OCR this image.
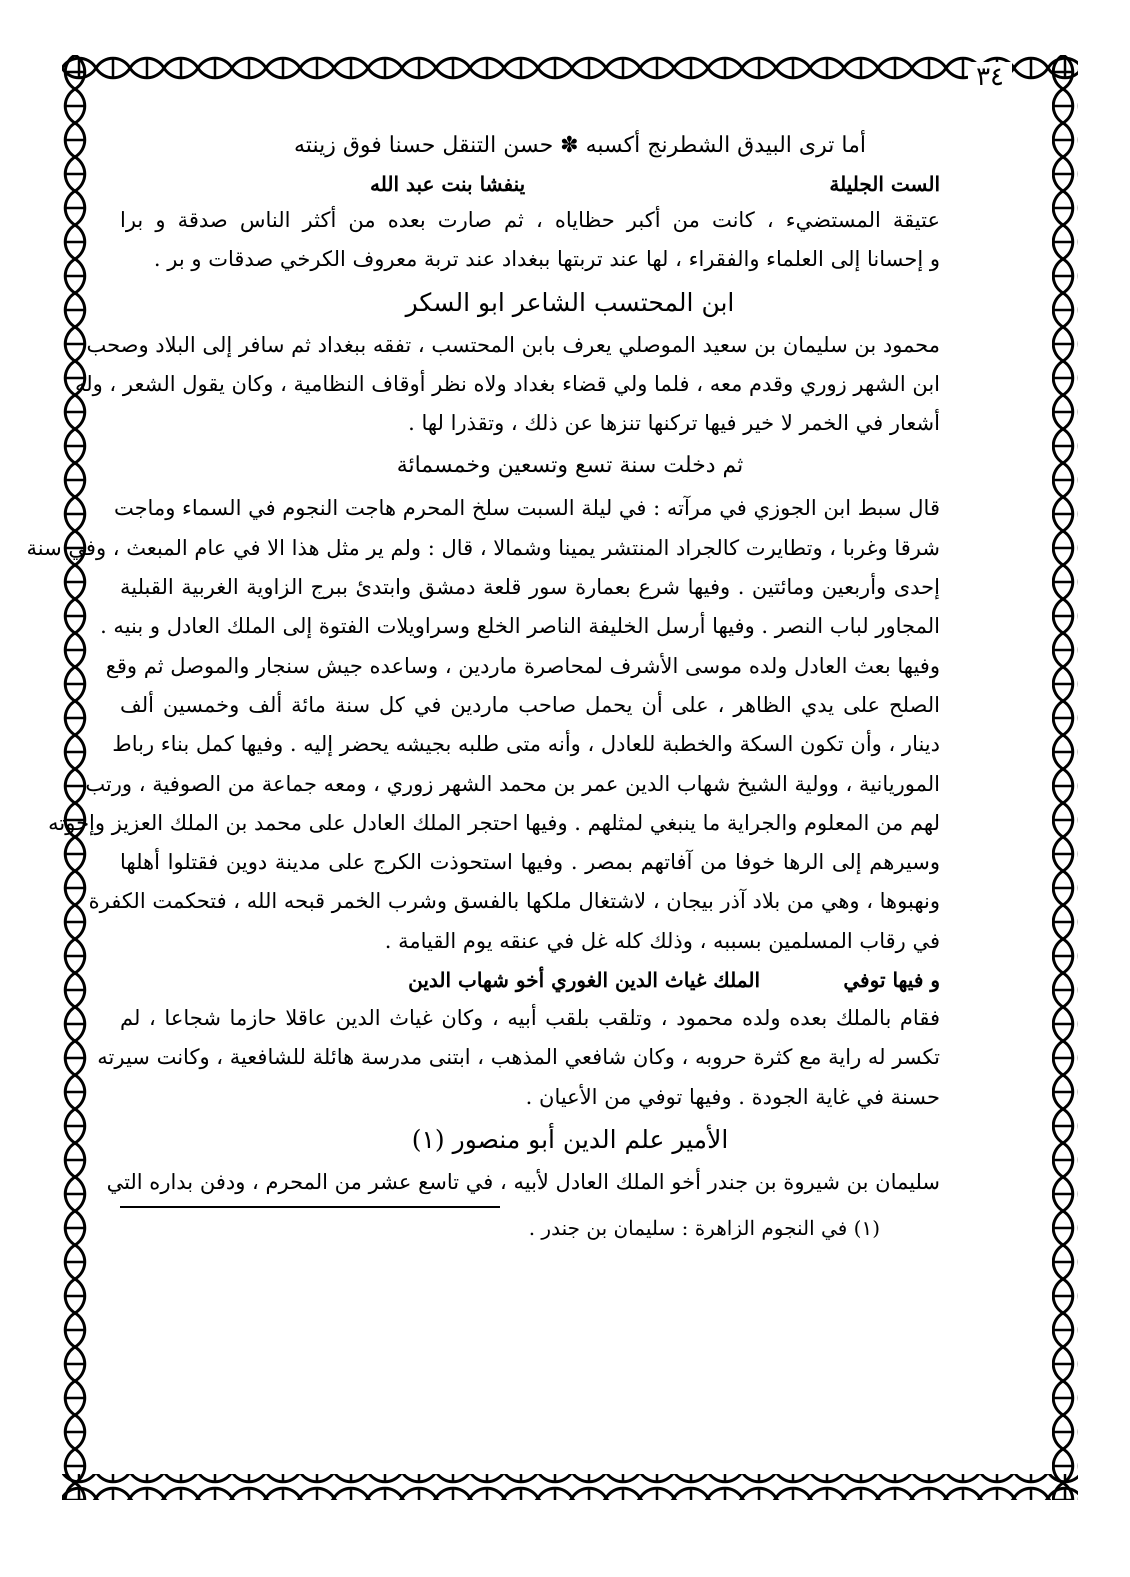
٣٤
أما ترى البيدق الشطرنج أكسبه ✽ حسن التنقل حسنا فوق زينته
الست الجليلة
ينفشا بنت عبد الله
عتيقة المستضيء ، كانت من أكبر حظاياه ، ثم صارت بعده من أكثر الناس صدقة و برا
و إحسانا إلى العلماء والفقراء ، لها عند تربتها ببغداد عند تربة معروف الكرخي صدقات و بر .
ابن المحتسب الشاعر ابو السكر
محمود بن سليمان بن سعيد الموصلي يعرف بابن المحتسب ، تفقه ببغداد ثم سافر إلى البلاد وصحب
ابن الشهر زوري وقدم معه ، فلما ولي قضاء بغداد ولاه نظر أوقاف النظامية ، وكان يقول الشعر ، وله
أشعار في الخمر لا خير فيها تركنها تنزها عن ذلك ، وتقذرا لها .
ثم دخلت سنة تسع وتسعين وخمسمائة
قال سبط ابن الجوزي في مرآته : في ليلة السبت سلخ المحرم هاجت النجوم في السماء وماجت
شرقا وغربا ، وتطايرت كالجراد المنتشر يمينا وشمالا ، قال : ولم ير مثل هذا الا في عام المبعث ، وفي سنة
إحدى وأربعين ومائتين . وفيها شرع بعمارة سور قلعة دمشق وابتدئ ببرج الزاوية الغربية القبلية
المجاور لباب النصر . وفيها أرسل الخليفة الناصر الخلع وسراويلات الفتوة إلى الملك العادل و بنيه .
وفيها بعث العادل ولده موسى الأشرف لمحاصرة ماردين ، وساعده جيش سنجار والموصل ثم وقع
الصلح على يدي الظاهر ، على أن يحمل صاحب ماردين في كل سنة مائة ألف وخمسين ألف
دينار ، وأن تكون السكة والخطبة للعادل ، وأنه متى طلبه بجيشه يحضر إليه . وفيها كمل بناء رباط
الموريانية ، وولية الشيخ شهاب الدين عمر بن محمد الشهر زوري ، ومعه جماعة من الصوفية ، ورتب
لهم من المعلوم والجراية ما ينبغي لمثلهم . وفيها احتجر الملك العادل على محمد بن الملك العزيز وإخوته
وسيرهم إلى الرها خوفا من آفاتهم بمصر . وفيها استحوذت الكرج على مدينة دوين فقتلوا أهلها
ونهبوها ، وهي من بلاد آذر بيجان ، لاشتغال ملكها بالفسق وشرب الخمر قبحه الله ، فتحكمت الكفرة
في رقاب المسلمين بسببه ، وذلك كله غل في عنقه يوم القيامة .
و فيها توفي
الملك غياث الدين الغوري أخو شهاب الدين
فقام بالملك بعده ولده محمود ، وتلقب بلقب أبيه ، وكان غياث الدين عاقلا حازما شجاعا ، لم
تكسر له راية مع كثرة حروبه ، وكان شافعي المذهب ، ابتنى مدرسة هائلة للشافعية ، وكانت سيرته
حسنة في غاية الجودة . وفيها توفي من الأعيان .
الأمير علم الدين أبو منصور (١)
سليمان بن شيروة بن جندر أخو الملك العادل لأبيه ، في تاسع عشر من المحرم ، ودفن بداره التي
(١) في النجوم الزاهرة : سليمان بن جندر .
